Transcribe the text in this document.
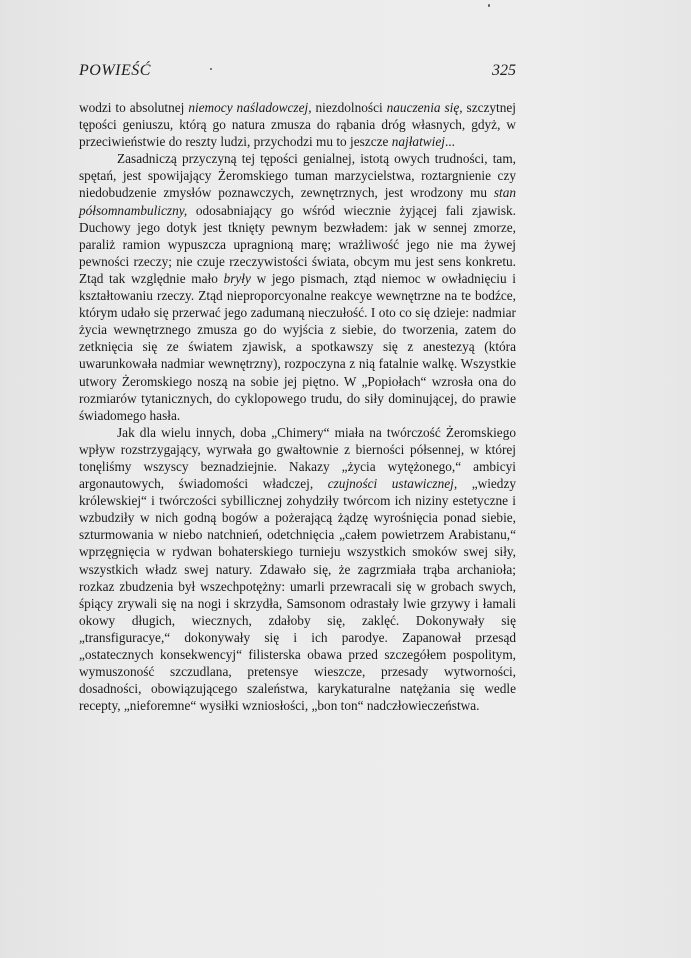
POWIEŚĆ	325

wodzi to absolutnej niemocy naśladowczej, niezdolności nauczenia się, szczytnej tępości geniuszu, którą go natura zmusza do rąbania dróg własnych, gdyż, w przeciwieństwie do reszty ludzi, przychodzi mu to jeszcze najłatwiej...

Zasadniczą przyczyną tej tępości genialnej, istotą owych trudności, tam, spętań, jest spowijający Żeromskiego tuman marzycielstwa, roztargnienie czy niedobudzenie zmysłów poznawczych, zewnętrznych, jest wrodzony mu stan półsomnambuliczny, odosabniający go wśród wiecznie żyjącej fali zjawisk. Duchowy jego dotyk jest tknięty pewnym bezwładem: jak w sennej zmorze, paraliż ramion wypuszcza upragnioną marę; wrażliwość jego nie ma żywej pewności rzeczy; nie czuje rzeczywistości świata, obcym mu jest sens konkretu. Ztąd tak względnie mało bryły w jego pismach, ztąd niemoc w owładnięciu i kształtowaniu rzeczy. Ztąd nieproporcyonalne reakcye wewnętrzne na te bodźce, którym udało się przerwać jego zadumaną nieczułość. I oto co się dzieje: nadmiar życia wewnętrznego zmusza go do wyjścia z siebie, do tworzenia, zatem do zetknięcia się ze światem zjawisk, a spotkawszy się z anestezyą (która uwarunkowała nadmiar wewnętrzny), rozpoczyna z nią fatalnie walkę. Wszystkie utwory Żeromskiego noszą na sobie jej piętno. W „Popiołach“ wzrosła ona do rozmiarów tytanicznych, do cyklopowego trudu, do siły dominującej, do prawie świadomego hasła.

Jak dla wielu innych, doba „Chimery“ miała na twórczość Żeromskiego wpływ rozstrzygający, wyrwała go gwałtownie z bierności półsennej, w której tonęliśmy wszyscy beznadziejnie. Nakazy „życia wytężonego,“ ambicyi argonautowych, świadomości władczej, czujności ustawicznej, „wiedzy królewskiej“ i twórczości sybillicznej zohydziły twórcom ich niziny estetyczne i wzbudziły w nich godną bogów a pożerającą żądzę wyrośnięcia ponad siebie, szturmowania w niebo natchnień, odetchnięcia „całem powietrzem Arabistanu,“ wprzęgnięcia w rydwan bohaterskiego turnieju wszystkich smoków swej siły, wszystkich władz swej natury. Zdawało się, że zagrzmiała trąba archanioła; rozkaz zbudzenia był wszechpotężny: umarli przewracali się w grobach swych, śpiący zrywali się na nogi i skrzydła, Samsonom odrastały lwie grzywy i łamali okowy długich, wiecznych, zdałoby się, zaklęć. Dokonywały się „transfiguracye,“ dokonywały się i ich parodye. Zapanował przesąd „ostatecznych konsekwencyj“ filisterska obawa przed szczegółem pospolitym, wymuszoność szczudlana, pretensye wieszcze, przesady wytworności, dosadności, obowiązującego szaleństwa, karykaturalne natężania się wedle recepty, „nieforemne“ wysiłki wzniosłości, „bon ton“ nadczłowieczeństwa.
